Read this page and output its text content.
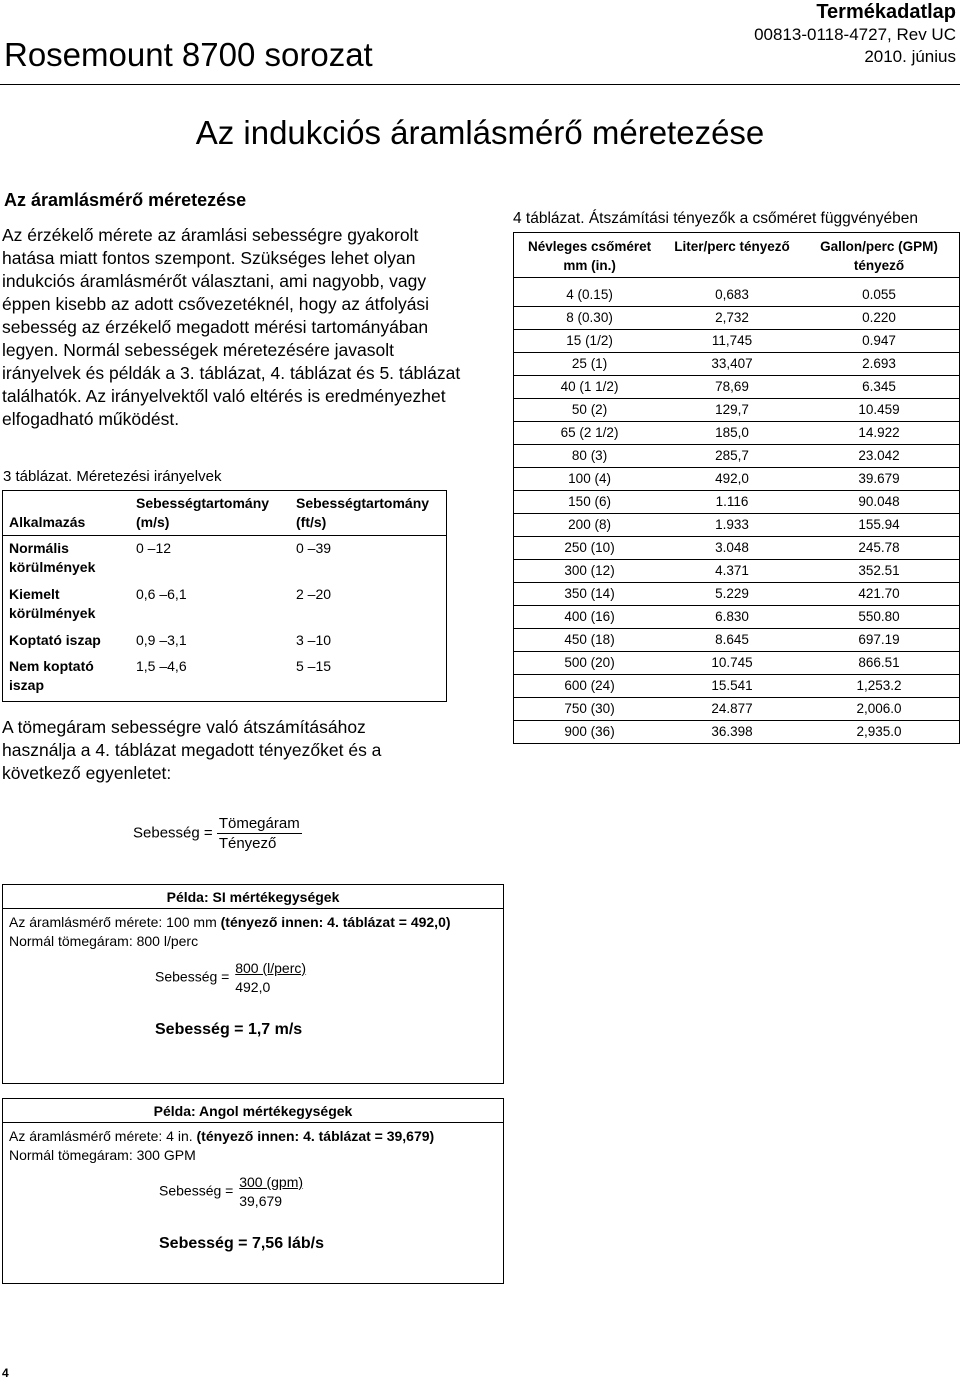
Rosemount 8700 sorozat
Termékadatlap
00813-0118-4727, Rev UC
2010. június
Az indukciós áramlásmérő méretezése
Az áramlásmérő méretezése
Az érzékelő mérete az áramlási sebességre gyakorolt hatása miatt fontos szempont. Szükséges lehet olyan indukciós áramlásmérőt választani, ami nagyobb, vagy éppen kisebb az adott csővezetéknél, hogy az átfolyási sebesség az érzékelő megadott mérési tartományában legyen. Normál sebességek méretezésére javasolt irányelvek és példák a 3. táblázat, 4. táblázat és 5. táblázat találhatók. Az irányelvektől való eltérés is eredményezhet elfogadható működést.
3 táblázat. Méretezési irányelvek
Alkalmazás	Sebességtartomány (m/s)	Sebességtartomány (ft/s)
Normális körülmények	0 –12	0 –39
Kiemelt körülmények	0,6 –6,1	2 –20
Koptató iszap	0,9 –3,1	3 –10
Nem koptató iszap	1,5 –4,6	5 –15
A tömegáram sebességre való átszámításához használja a 4. táblázat megadott tényezőket és a következő egyenletet:
Sebesség = $\frac{\text{Tömegáram}}{\text{Tényező}}$
Példa: SI mértékegységek
Az áramlásmérő mérete: 100 mm (tényező innen: 4. táblázat = 492,0)
Normál tömegáram: 800 l/perc
Sebesség = $\frac{\text{800 (l/perc)}}{492,0}$
Sebesség = 1,7 m/s
Példa: Angol mértékegységek
Az áramlásmérő mérete: 4 in. (tényező innen: 4. táblázat = 39,679)
Normál tömegáram: 300 GPM
Sebesség = $\frac{\text{300 (gpm)}}{39,679}$
Sebesség = 7,56 láb/s
4 táblázat. Átszámítási tényezők a csőméret függvényében
Névleges csőméret mm (in.)	Liter/perc tényező	Gallon/perc (GPM) tényező
4 (0.15)	0,683	0.055
8 (0.30)	2,732	0.220
15 (1/2)	11,745	0.947
25 (1)	33,407	2.693
40 (1 1/2)	78,69	6.345
50 (2)	129,7	10.459
65 (2 1/2)	185,0	14.922
80 (3)	285,7	23.042
100 (4)	492,0	39.679
150 (6)	1.116	90.048
200 (8)	1.933	155.94
250 (10)	3.048	245.78
300 (12)	4.371	352.51
350 (14)	5.229	421.70
400 (16)	6.830	550.80
450 (18)	8.645	697.19
500 (20)	10.745	866.51
600 (24)	15.541	1,253.2
750 (30)	24.877	2,006.0
900 (36)	36.398	2,935.0
4
